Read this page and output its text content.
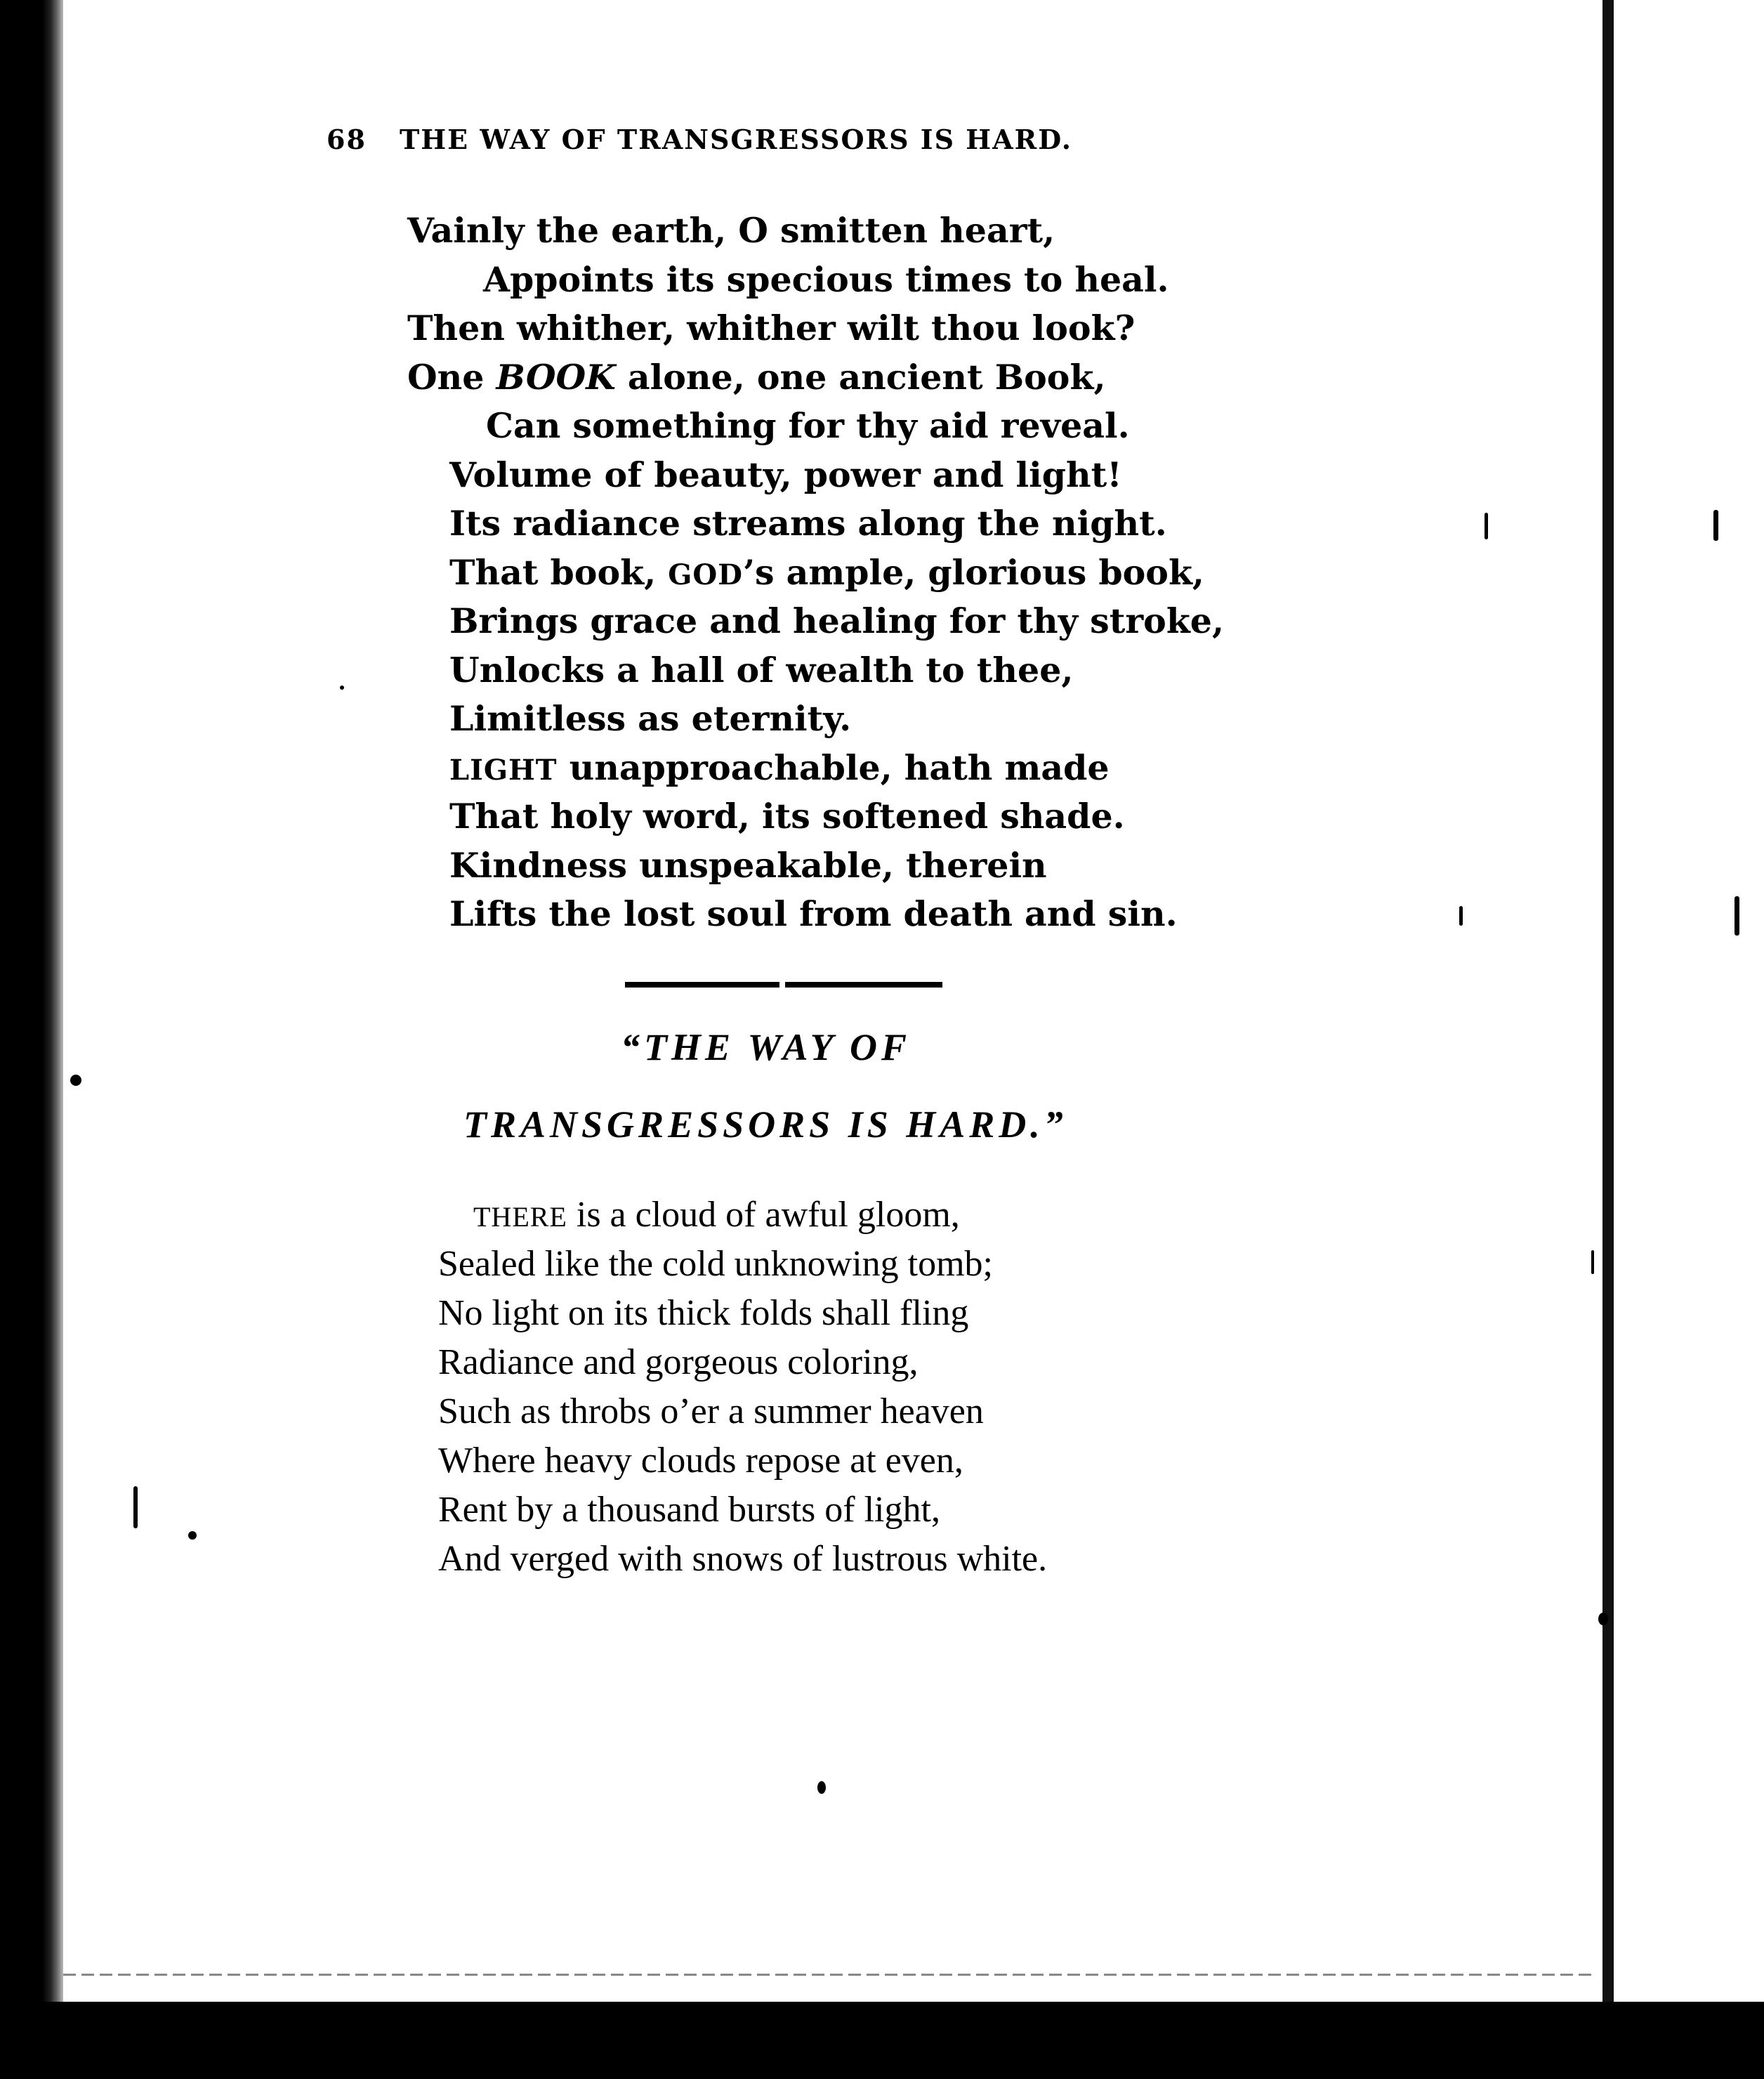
68 THE WAY OF TRANSGRESSORS IS HARD.
Vainly the earth, O smitten heart,
Appoints its specious times to heal.
Then whither, whither wilt thou look?
One BOOK alone, one ancient Book,
Can something for thy aid reveal.
Volume of beauty, power and light!
Its radiance streams along the night.
That book, GOD’s ample, glorious book,
Brings grace and healing for thy stroke,
Unlocks a hall of wealth to thee,
Limitless as eternity.
LIGHT unapproachable, hath made
That holy word, its softened shade.
Kindness unspeakable, therein
Lifts the lost soul from death and sin.
“THE WAY OF
TRANSGRESSORS IS HARD.”
THERE is a cloud of awful gloom,
Sealed like the cold unknowing tomb;
No light on its thick folds shall fling
Radiance and gorgeous coloring,
Such as throbs o’er a summer heaven
Where heavy clouds repose at even,
Rent by a thousand bursts of light,
And verged with snows of lustrous white.
